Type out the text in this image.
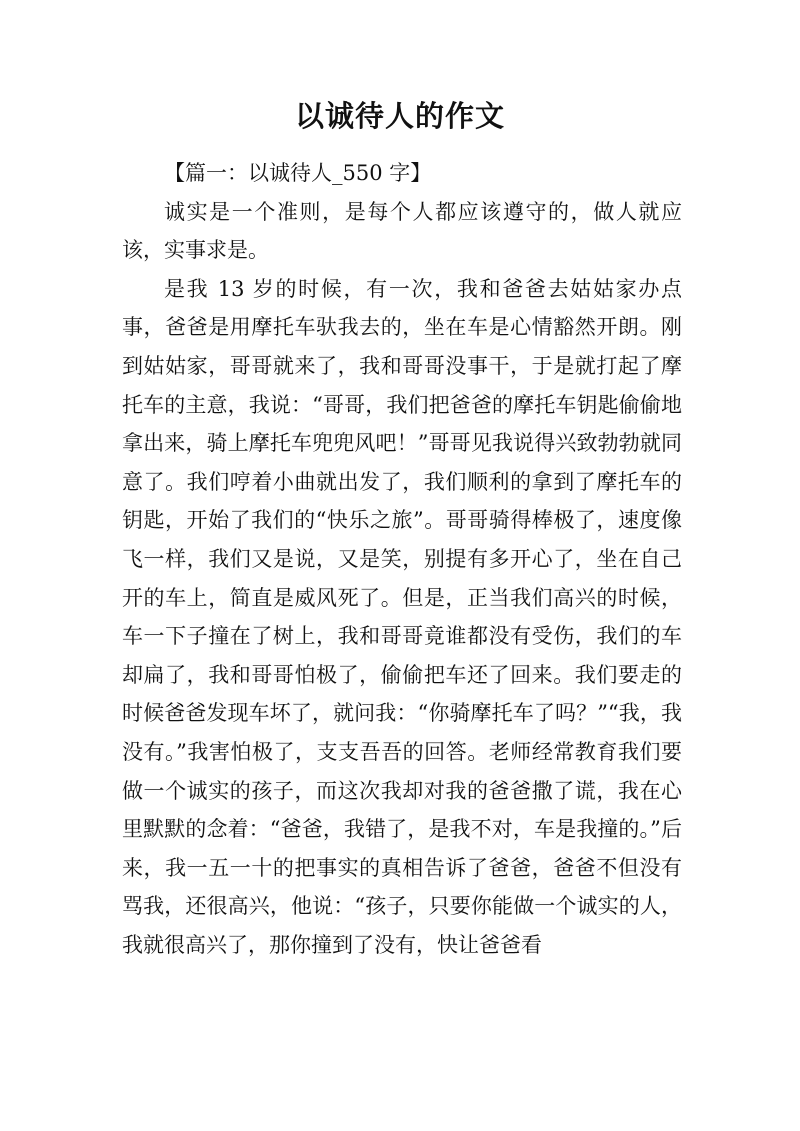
以诚待人的作文

【篇一：以诚待人_550 字】

诚实是一个准则，是每个人都应该遵守的，做人就应该，实事求是。

是我 13 岁的时候，有一次，我和爸爸去姑姑家办点事，爸爸是用摩托车驮我去的，坐在车是心情豁然开朗。刚到姑姑家，哥哥就来了，我和哥哥没事干，于是就打起了摩托车的主意，我说：“哥哥，我们把爸爸的摩托车钥匙偷偷地拿出来，骑上摩托车兜兜风吧！”哥哥见我说得兴致勃勃就同意了。我们哼着小曲就出发了，我们顺利的拿到了摩托车的钥匙，开始了我们的“快乐之旅”。哥哥骑得棒极了，速度像飞一样，我们又是说，又是笑，别提有多开心了，坐在自己开的车上，简直是威风死了。但是，正当我们高兴的时候，车一下子撞在了树上，我和哥哥竟谁都没有受伤，我们的车却扁了，我和哥哥怕极了，偷偷把车还了回来。我们要走的时候爸爸发现车坏了，就问我：“你骑摩托车了吗？”“我，我没有。”我害怕极了，支支吾吾的回答。老师经常教育我们要做一个诚实的孩子，而这次我却对我的爸爸撒了谎，我在心里默默的念着：“爸爸，我错了，是我不对，车是我撞的。”后来，我一五一十的把事实的真相告诉了爸爸，爸爸不但没有骂我，还很高兴，他说：“孩子，只要你能做一个诚实的人，我就很高兴了，那你撞到了没有，快让爸爸看
